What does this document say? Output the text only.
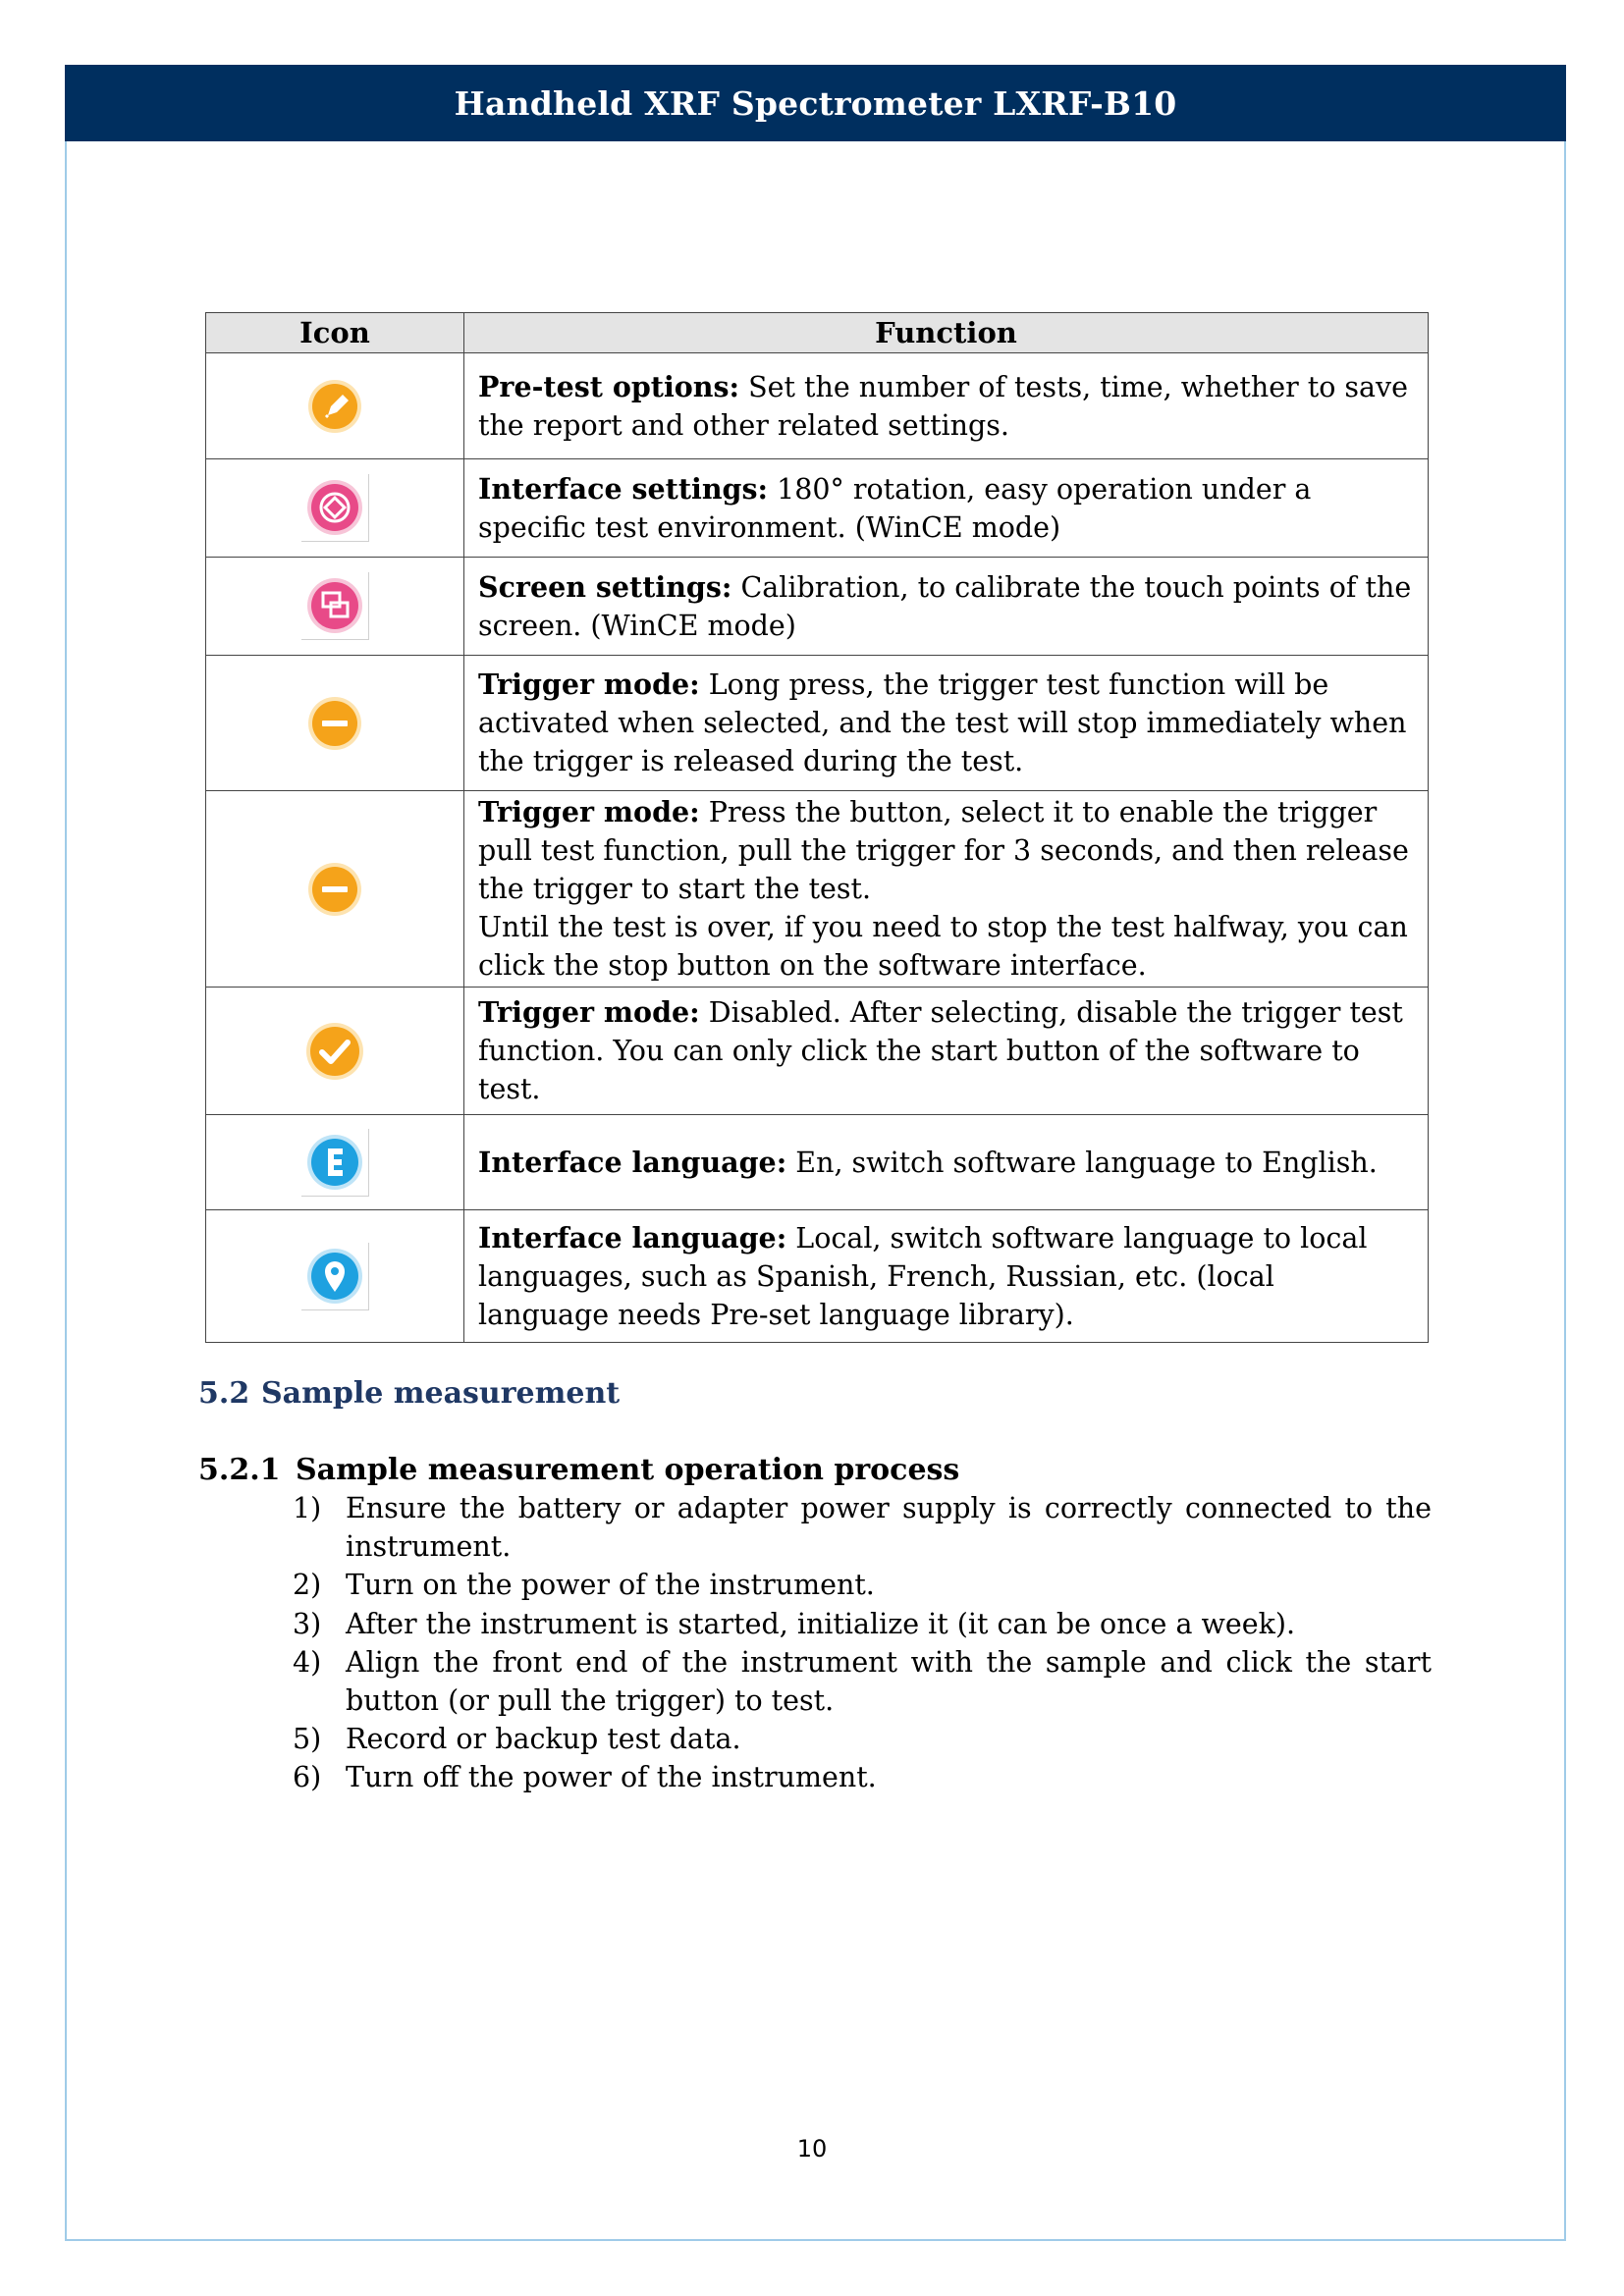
Handheld XRF Spectrometer LXRF-B10
Icon	Function

	Pre-test options: Set the number of tests, time, whether to save the report and other related settings.

	Interface settings: 180° rotation, easy operation under a specific test environment. (WinCE mode)

	Screen settings: Calibration, to calibrate the touch points of the screen. (WinCE mode)

	Trigger mode: Long press, the trigger test function will be activated when selected, and the test will stop immediately when the trigger is released during the test.

	Trigger mode: Press the button, select it to enable the trigger pull test function, pull the trigger for 3 seconds, and then release the trigger to start the test.
Until the test is over, if you need to stop the test halfway, you can click the stop button on the software interface.

	Trigger mode: Disabled. After selecting, disable the trigger test function. You can only click the start button of the software to test.

	Interface language: En, switch software language to English.

	Interface language: Local, switch software language to local languages, such as Spanish, French, Russian, etc. (local language needs Pre-set language library).
5.2 Sample measurement
5.2.1 Sample measurement operation process
1) Ensure the battery or adapter power supply is correctly connected to the instrument.
2) Turn on the power of the instrument.
3) After the instrument is started, initialize it (it can be once a week).
4) Align the front end of the instrument with the sample and click the start button (or pull the trigger) to test.
5) Record or backup test data.
6) Turn off the power of the instrument.
10
